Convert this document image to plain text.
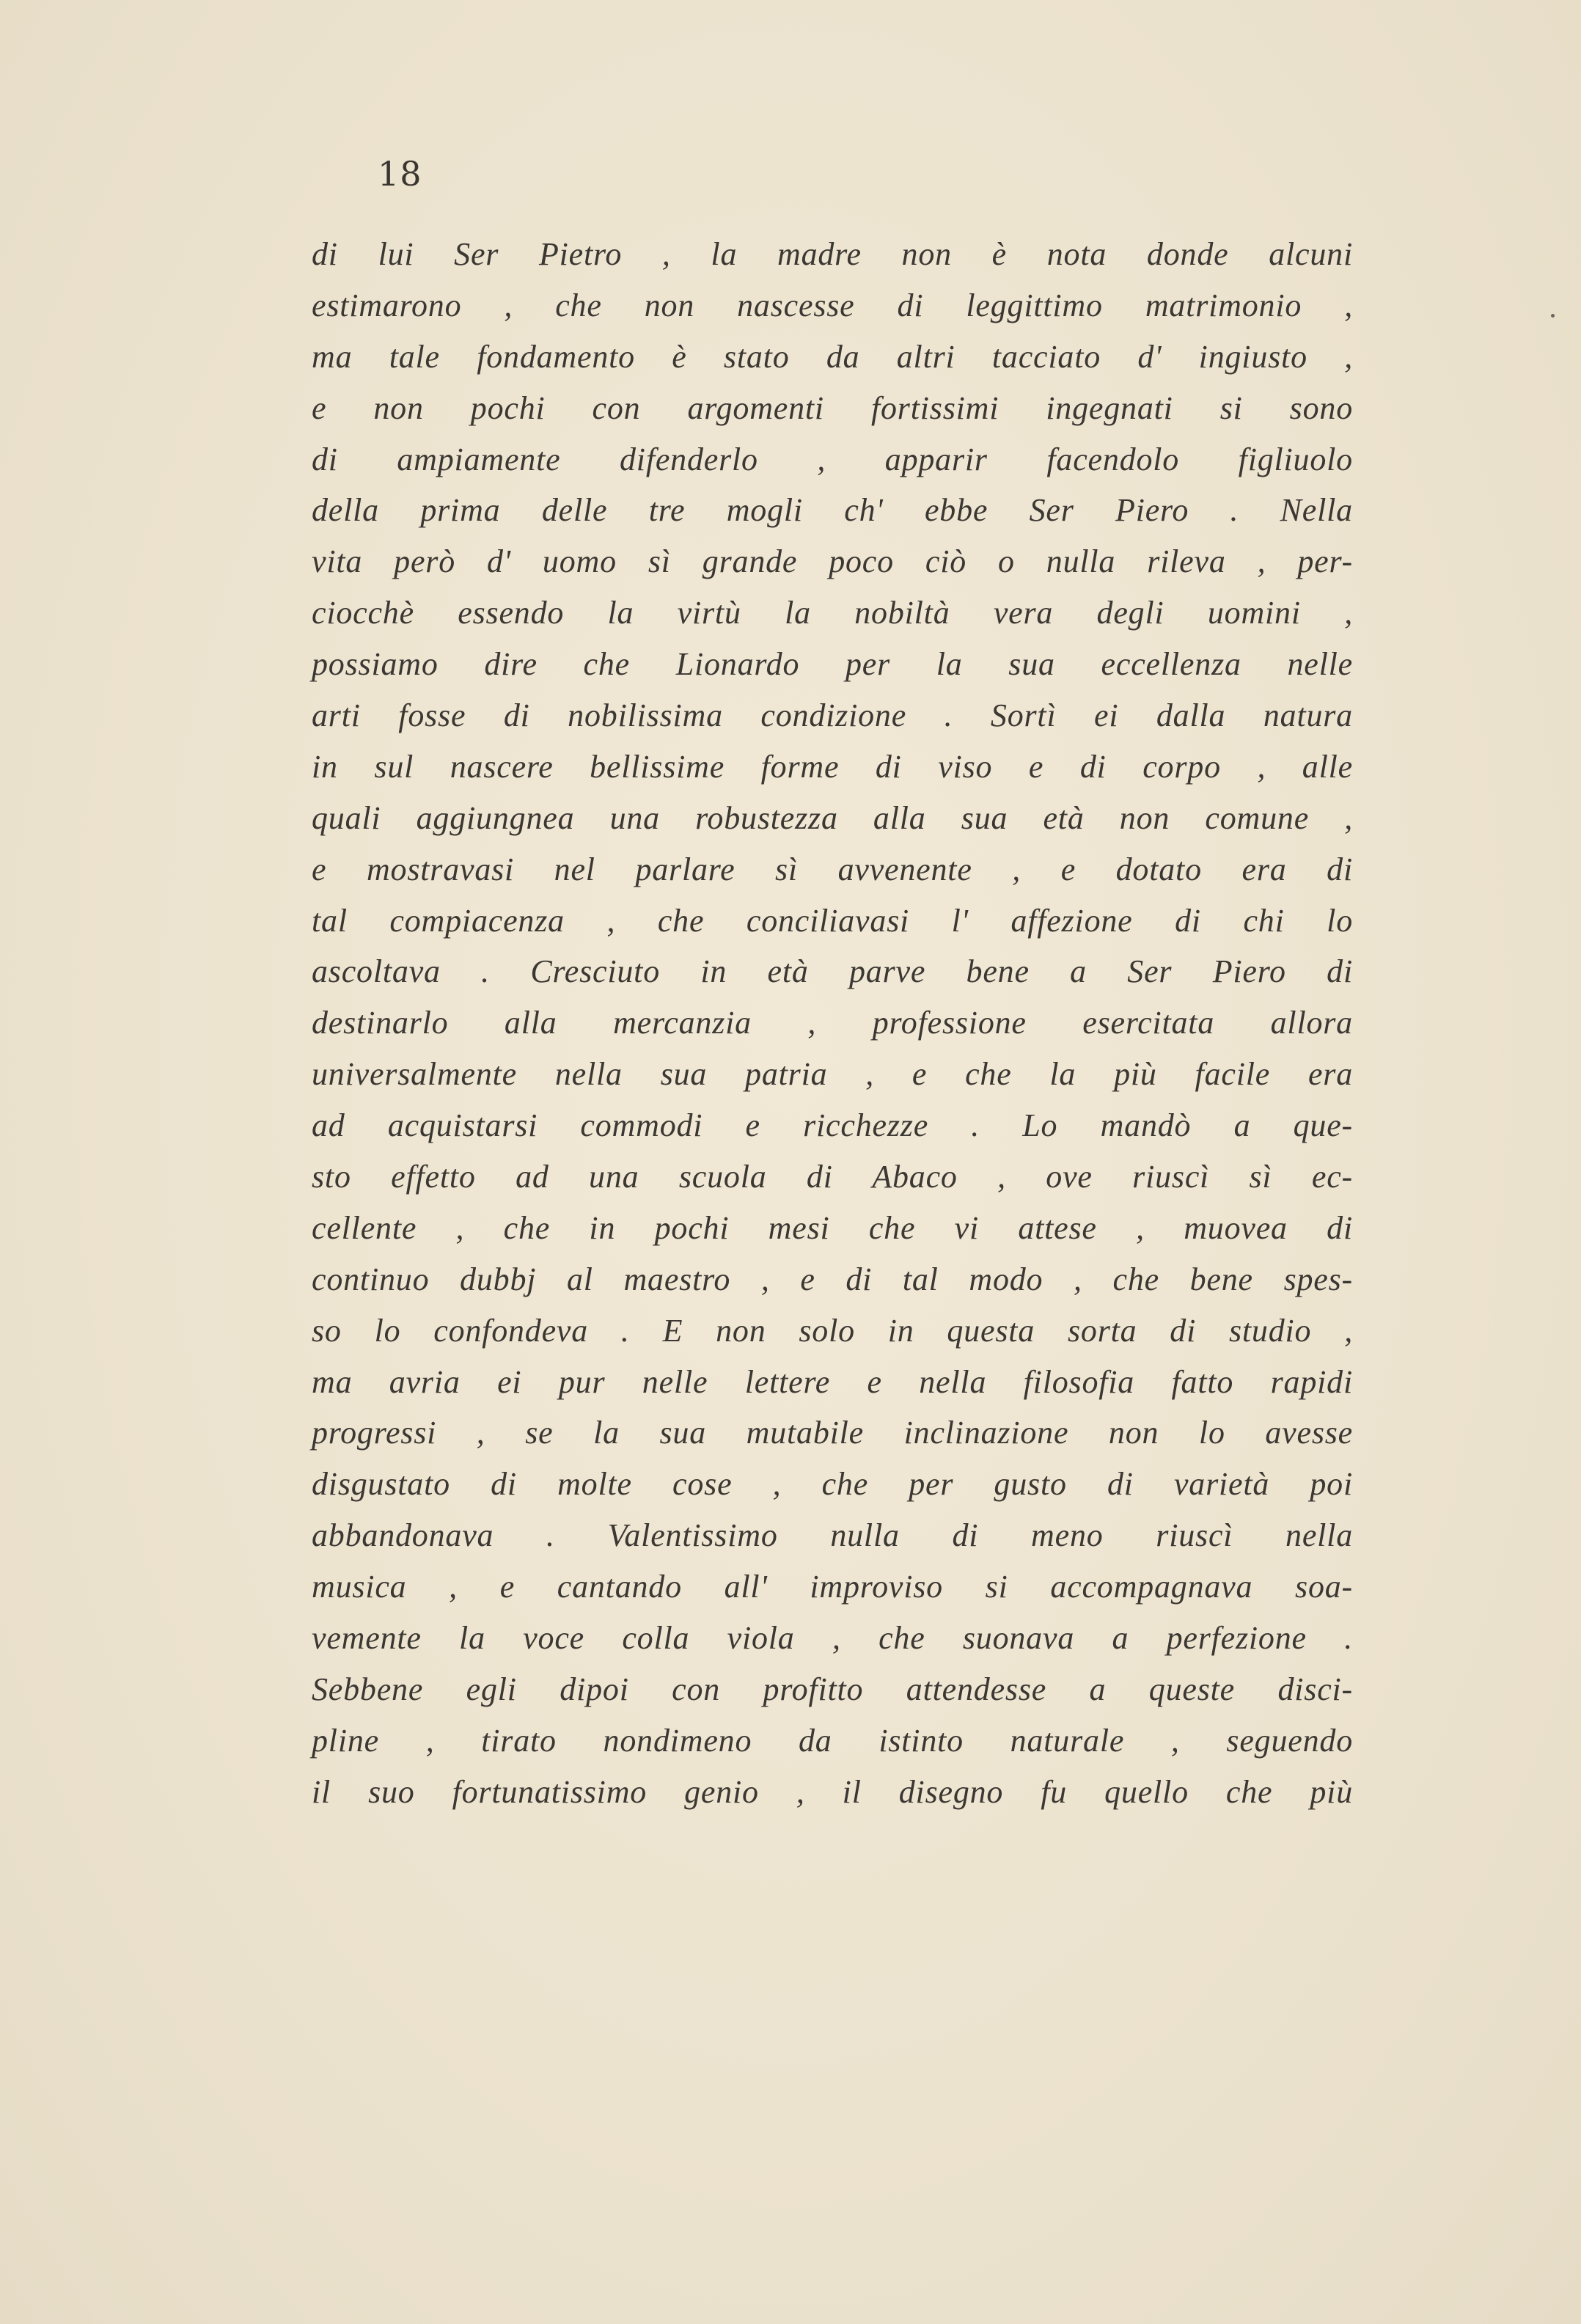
18
di lui Ser Pietro , la madre non è nota donde alcuni
estimarono , che non nascesse di leggittimo matrimonio ,
ma tale fondamento è stato da altri tacciato d' ingiusto ,
e non pochi con argomenti fortissimi ingegnati si sono
di ampiamente difenderlo , apparir facendolo figliuolo
della prima delle tre mogli ch' ebbe Ser Piero . Nella
vita però d' uomo sì grande poco ciò o nulla rileva , per-
ciocchè essendo la virtù la nobiltà vera degli uomini ,
possiamo dire che Lionardo per la sua eccellenza nelle
arti fosse di nobilissima condizione . Sortì ei dalla natura
in sul nascere bellissime forme di viso e di corpo , alle
quali aggiungnea una robustezza alla sua età non comune ,
e mostravasi nel parlare sì avvenente , e dotato era di
tal compiacenza , che conciliavasi l' affezione di chi lo
ascoltava . Cresciuto in età parve bene a Ser Piero di
destinarlo alla mercanzia , professione esercitata allora
universalmente nella sua patria , e che la più facile era
ad acquistarsi commodi e ricchezze . Lo mandò a que-
sto effetto ad una scuola di Abaco , ove riuscì sì ec-
cellente , che in pochi mesi che vi attese , muovea di
continuo dubbj al maestro , e di tal modo , che bene spes-
so lo confondeva . E non solo in questa sorta di studio ,
ma avria ei pur nelle lettere e nella filosofia fatto rapidi
progressi , se la sua mutabile inclinazione non lo avesse
disgustato di molte cose , che per gusto di varietà poi
abbandonava . Valentissimo nulla di meno riuscì nella
musica , e cantando all' improviso si accompagnava soa-
vemente la voce colla viola , che suonava a perfezione .
Sebbene egli dipoi con profitto attendesse a queste disci-
pline , tirato nondimeno da istinto naturale , seguendo
il suo fortunatissimo genio , il disegno fu quello che più
